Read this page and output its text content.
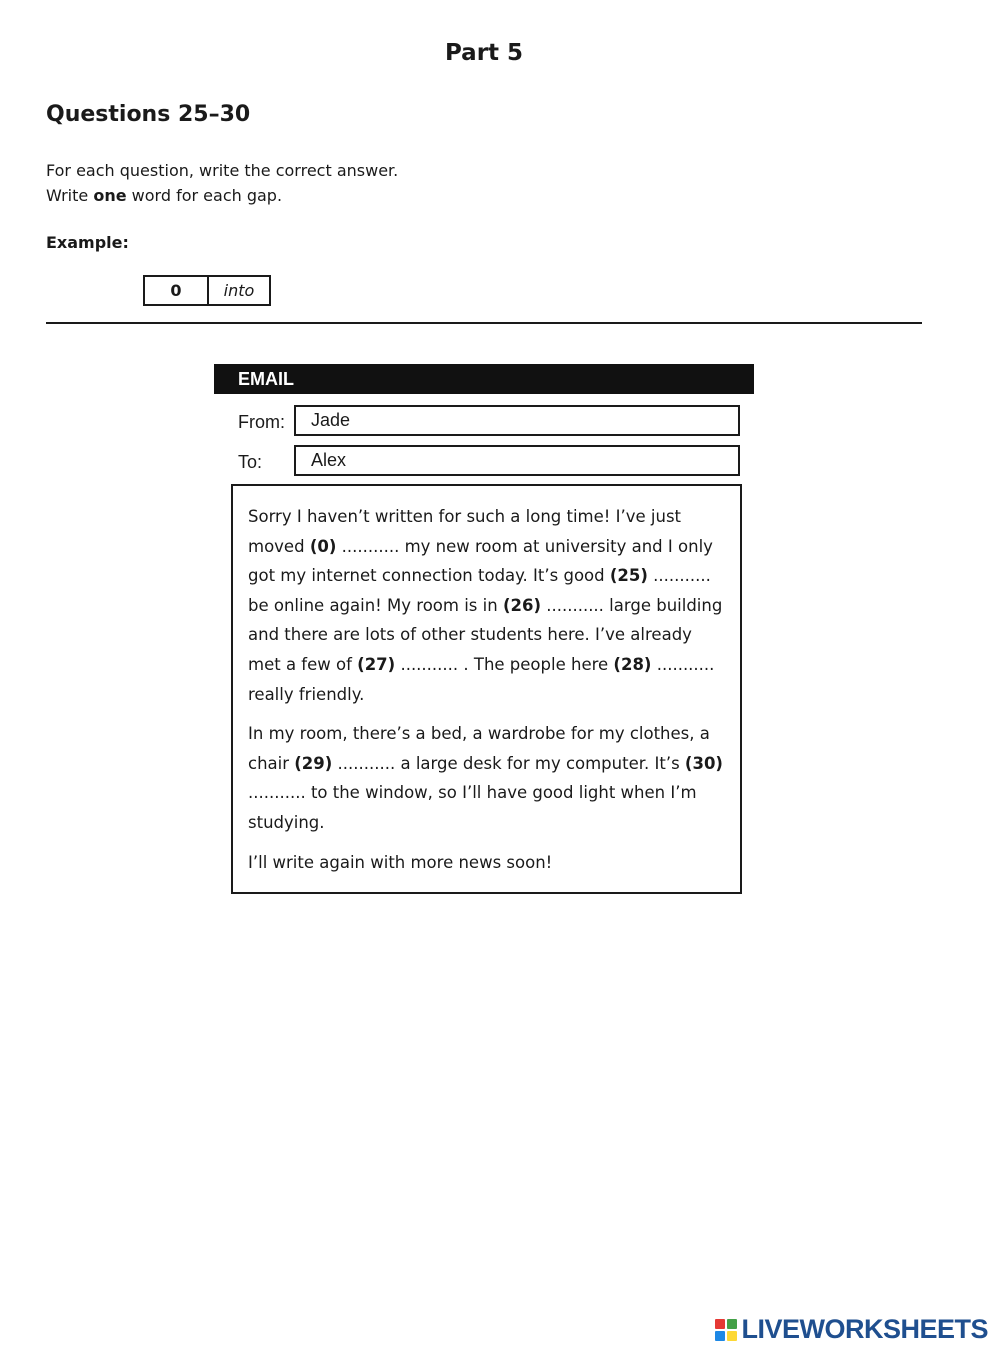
Part 5
Questions 25–30
For each question, write the correct answer.
Write one word for each gap.
Example:
0	into
EMAIL
From:	Jade
To:	Alex

Sorry I haven’t written for such a long time! I’ve just moved (0) ........... my new room at university and I only got my internet connection today. It’s good (25) ........... be online again! My room is in (26) ........... large building and there are lots of other students here. I’ve already met a few of (27) ........... . The people here (28) ........... really friendly.

In my room, there’s a bed, a wardrobe for my clothes, a chair (29) ........... a large desk for my computer. It’s (30) ........... to the window, so I’ll have good light when I’m studying.

I’ll write again with more news soon!

LIVEWORKSHEETS
